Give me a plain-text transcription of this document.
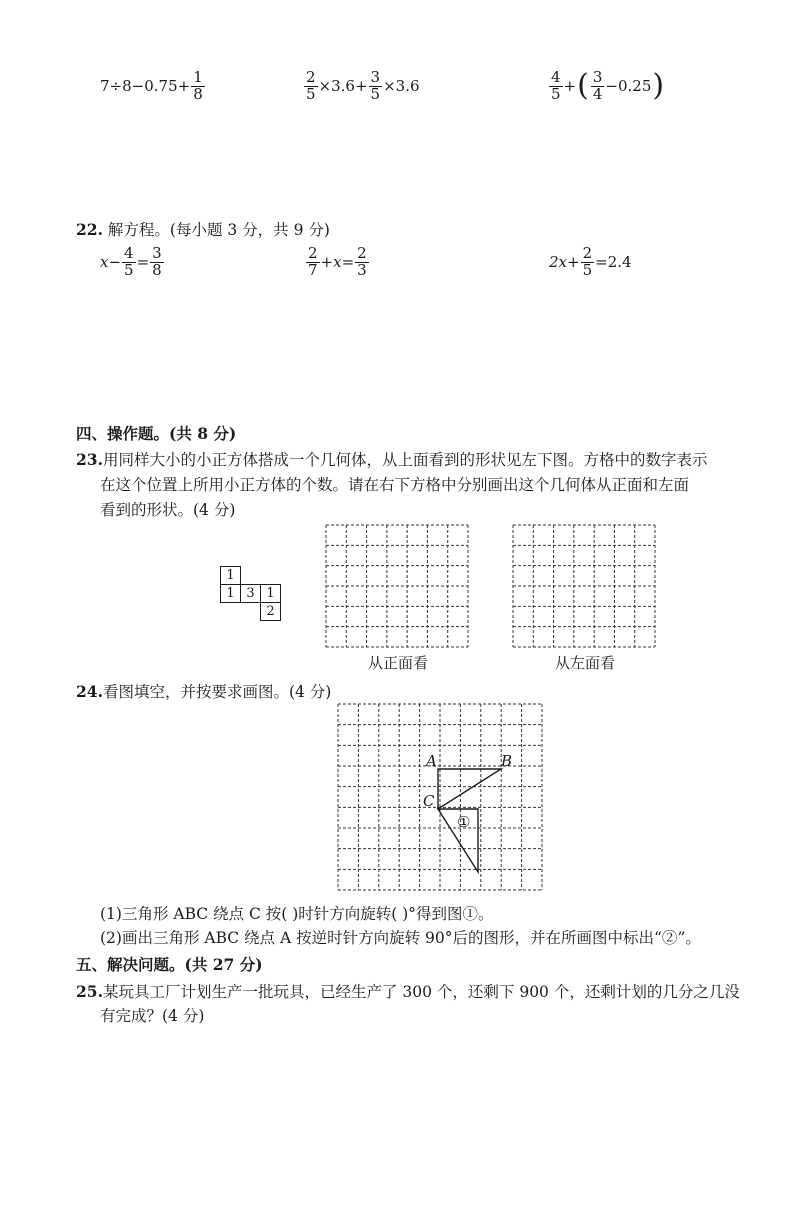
$7\div 8-0.75+ \frac{1}{8}$	$\frac{2}{5} \times 3.6+ \frac{3}{5} \times 3.6$	$\frac{4}{5}$ + ( $\frac{3}{4} -0.25$ )
22. 解方程。(每小题 3 分，共 9 分)
$x - \frac{4}{5} = \frac{3}{8}$	$\frac{2}{7} +x= \frac{2}{3}$	$2x+ \frac{2}{5} =2.4$
四、操作题。(共 8 分)
23.用同样大小的小正方体搭成一个几何体，从上面看到的形状见左下图。方格中的数字表示
在这个位置上所用小正方体的个数。请在右下方格中分别画出这个几何体从正面和左面
看到的形状。(4 分)
1		
1	3	1
		2
从正面看	从左面看
24.看图填空，并按要求画图。(4 分)
A	B
C
①
(1)三角形 ABC 绕点 C 按( )时针方向旋转( )°得到图①。
(2)画出三角形 ABC 绕点 A 按逆时针方向旋转 90°后的图形，并在所画图中标出“②”。
五、解决问题。(共 27 分)
25.某玩具工厂计划生产一批玩具，已经生产了 300 个，还剩下 900 个，还剩计划的几分之几没
有完成？(4 分)
